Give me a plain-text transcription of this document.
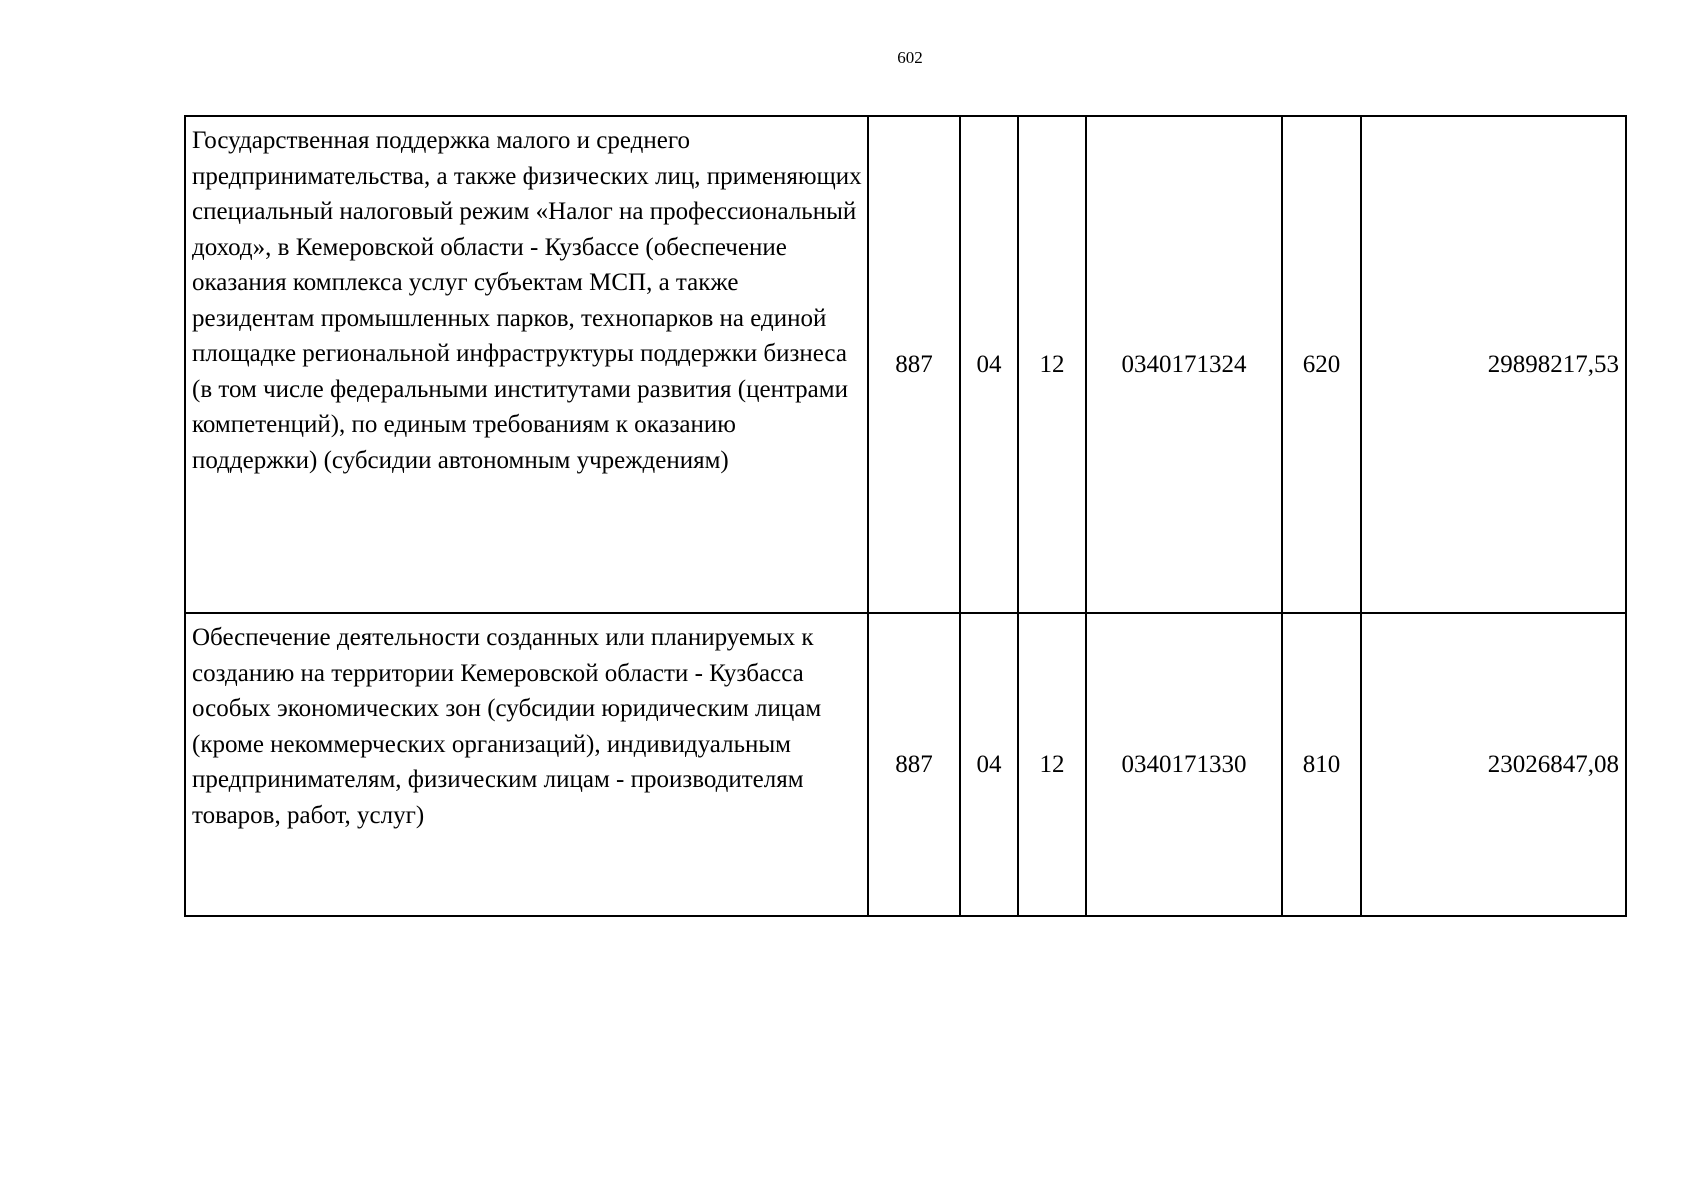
602
Государственная поддержка малого и среднего предпринимательства, а также физических лиц, применяющих специальный налоговый режим «Налог на профессиональный доход», в Кемеровской области - Кузбассе (обеспечение оказания комплекса услуг субъектам МСП, а также резидентам промышленных парков, технопарков на единой площадке региональной инфраструктуры поддержки бизнеса (в том числе федеральными институтами развития (центрами компетенций), по единым требованиям к оказанию поддержки) (субсидии автономным учреждениям)	887	04	12	0340171324	620	29898217,53
Обеспечение деятельности созданных или планируемых к созданию на территории Кемеровской области - Кузбасса особых экономических зон (субсидии юридическим лицам (кроме некоммерческих организаций), индивидуальным предпринимателям, физическим лицам - производителям товаров, работ, услуг)	887	04	12	0340171330	810	23026847,08
